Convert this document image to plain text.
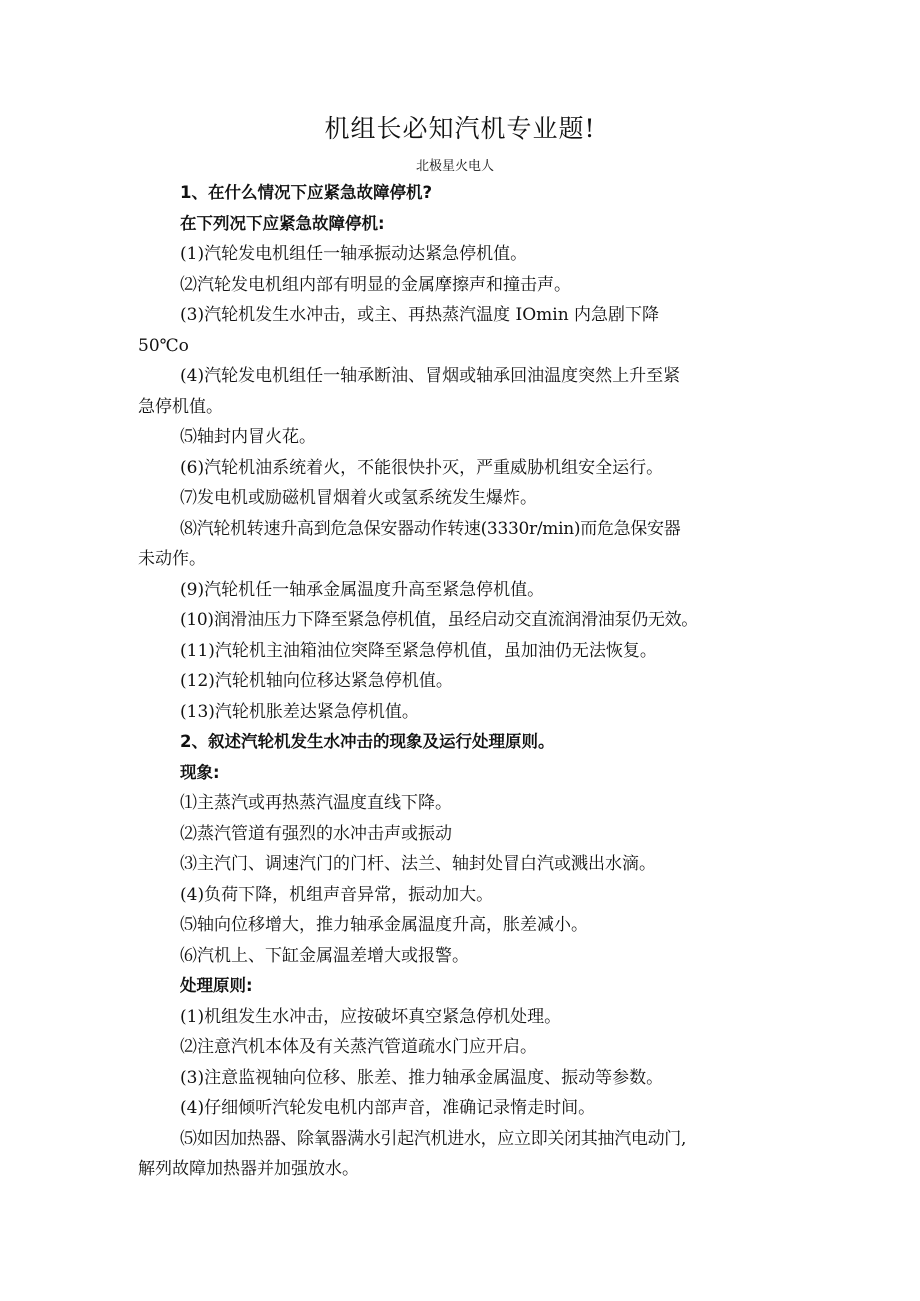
机组长必知汽机专业题!
北极星火电人
1、在什么情况下应紧急故障停机?
在下列况下应紧急故障停机:
(1)汽轮发电机组任一轴承振动达紧急停机值。
⑵汽轮发电机组内部有明显的金属摩擦声和撞击声。
(3)汽轮机发生水冲击，或主、再热蒸汽温度 IOmin 内急剧下降
50℃o
(4)汽轮发电机组任一轴承断油、冒烟或轴承回油温度突然上升至紧
急停机值。
⑸轴封内冒火花。
(6)汽轮机油系统着火，不能很快扑灭，严重威胁机组安全运行。
⑺发电机或励磁机冒烟着火或氢系统发生爆炸。
⑻汽轮机转速升高到危急保安器动作转速(3330r/min)而危急保安器
未动作。
(9)汽轮机任一轴承金属温度升高至紧急停机值。
(10)润滑油压力下降至紧急停机值，虽经启动交直流润滑油泵仍无效。
(11)汽轮机主油箱油位突降至紧急停机值，虽加油仍无法恢复。
(12)汽轮机轴向位移达紧急停机值。
(13)汽轮机胀差达紧急停机值。
2、叙述汽轮机发生水冲击的现象及运行处理原则。
现象:
⑴主蒸汽或再热蒸汽温度直线下降。
⑵蒸汽管道有强烈的水冲击声或振动
⑶主汽门、调速汽门的门杆、法兰、轴封处冒白汽或溅出水滴。
(4)负荷下降，机组声音异常，振动加大。
⑸轴向位移增大，推力轴承金属温度升高，胀差减小。
⑹汽机上、下缸金属温差增大或报警。
处理原则:
(1)机组发生水冲击，应按破坏真空紧急停机处理。
⑵注意汽机本体及有关蒸汽管道疏水门应开启。
(3)注意监视轴向位移、胀差、推力轴承金属温度、振动等参数。
(4)仔细倾听汽轮发电机内部声音，准确记录惰走时间。
⑸如因加热器、除氧器满水引起汽机进水，应立即关闭其抽汽电动门,
解列故障加热器并加强放水。
